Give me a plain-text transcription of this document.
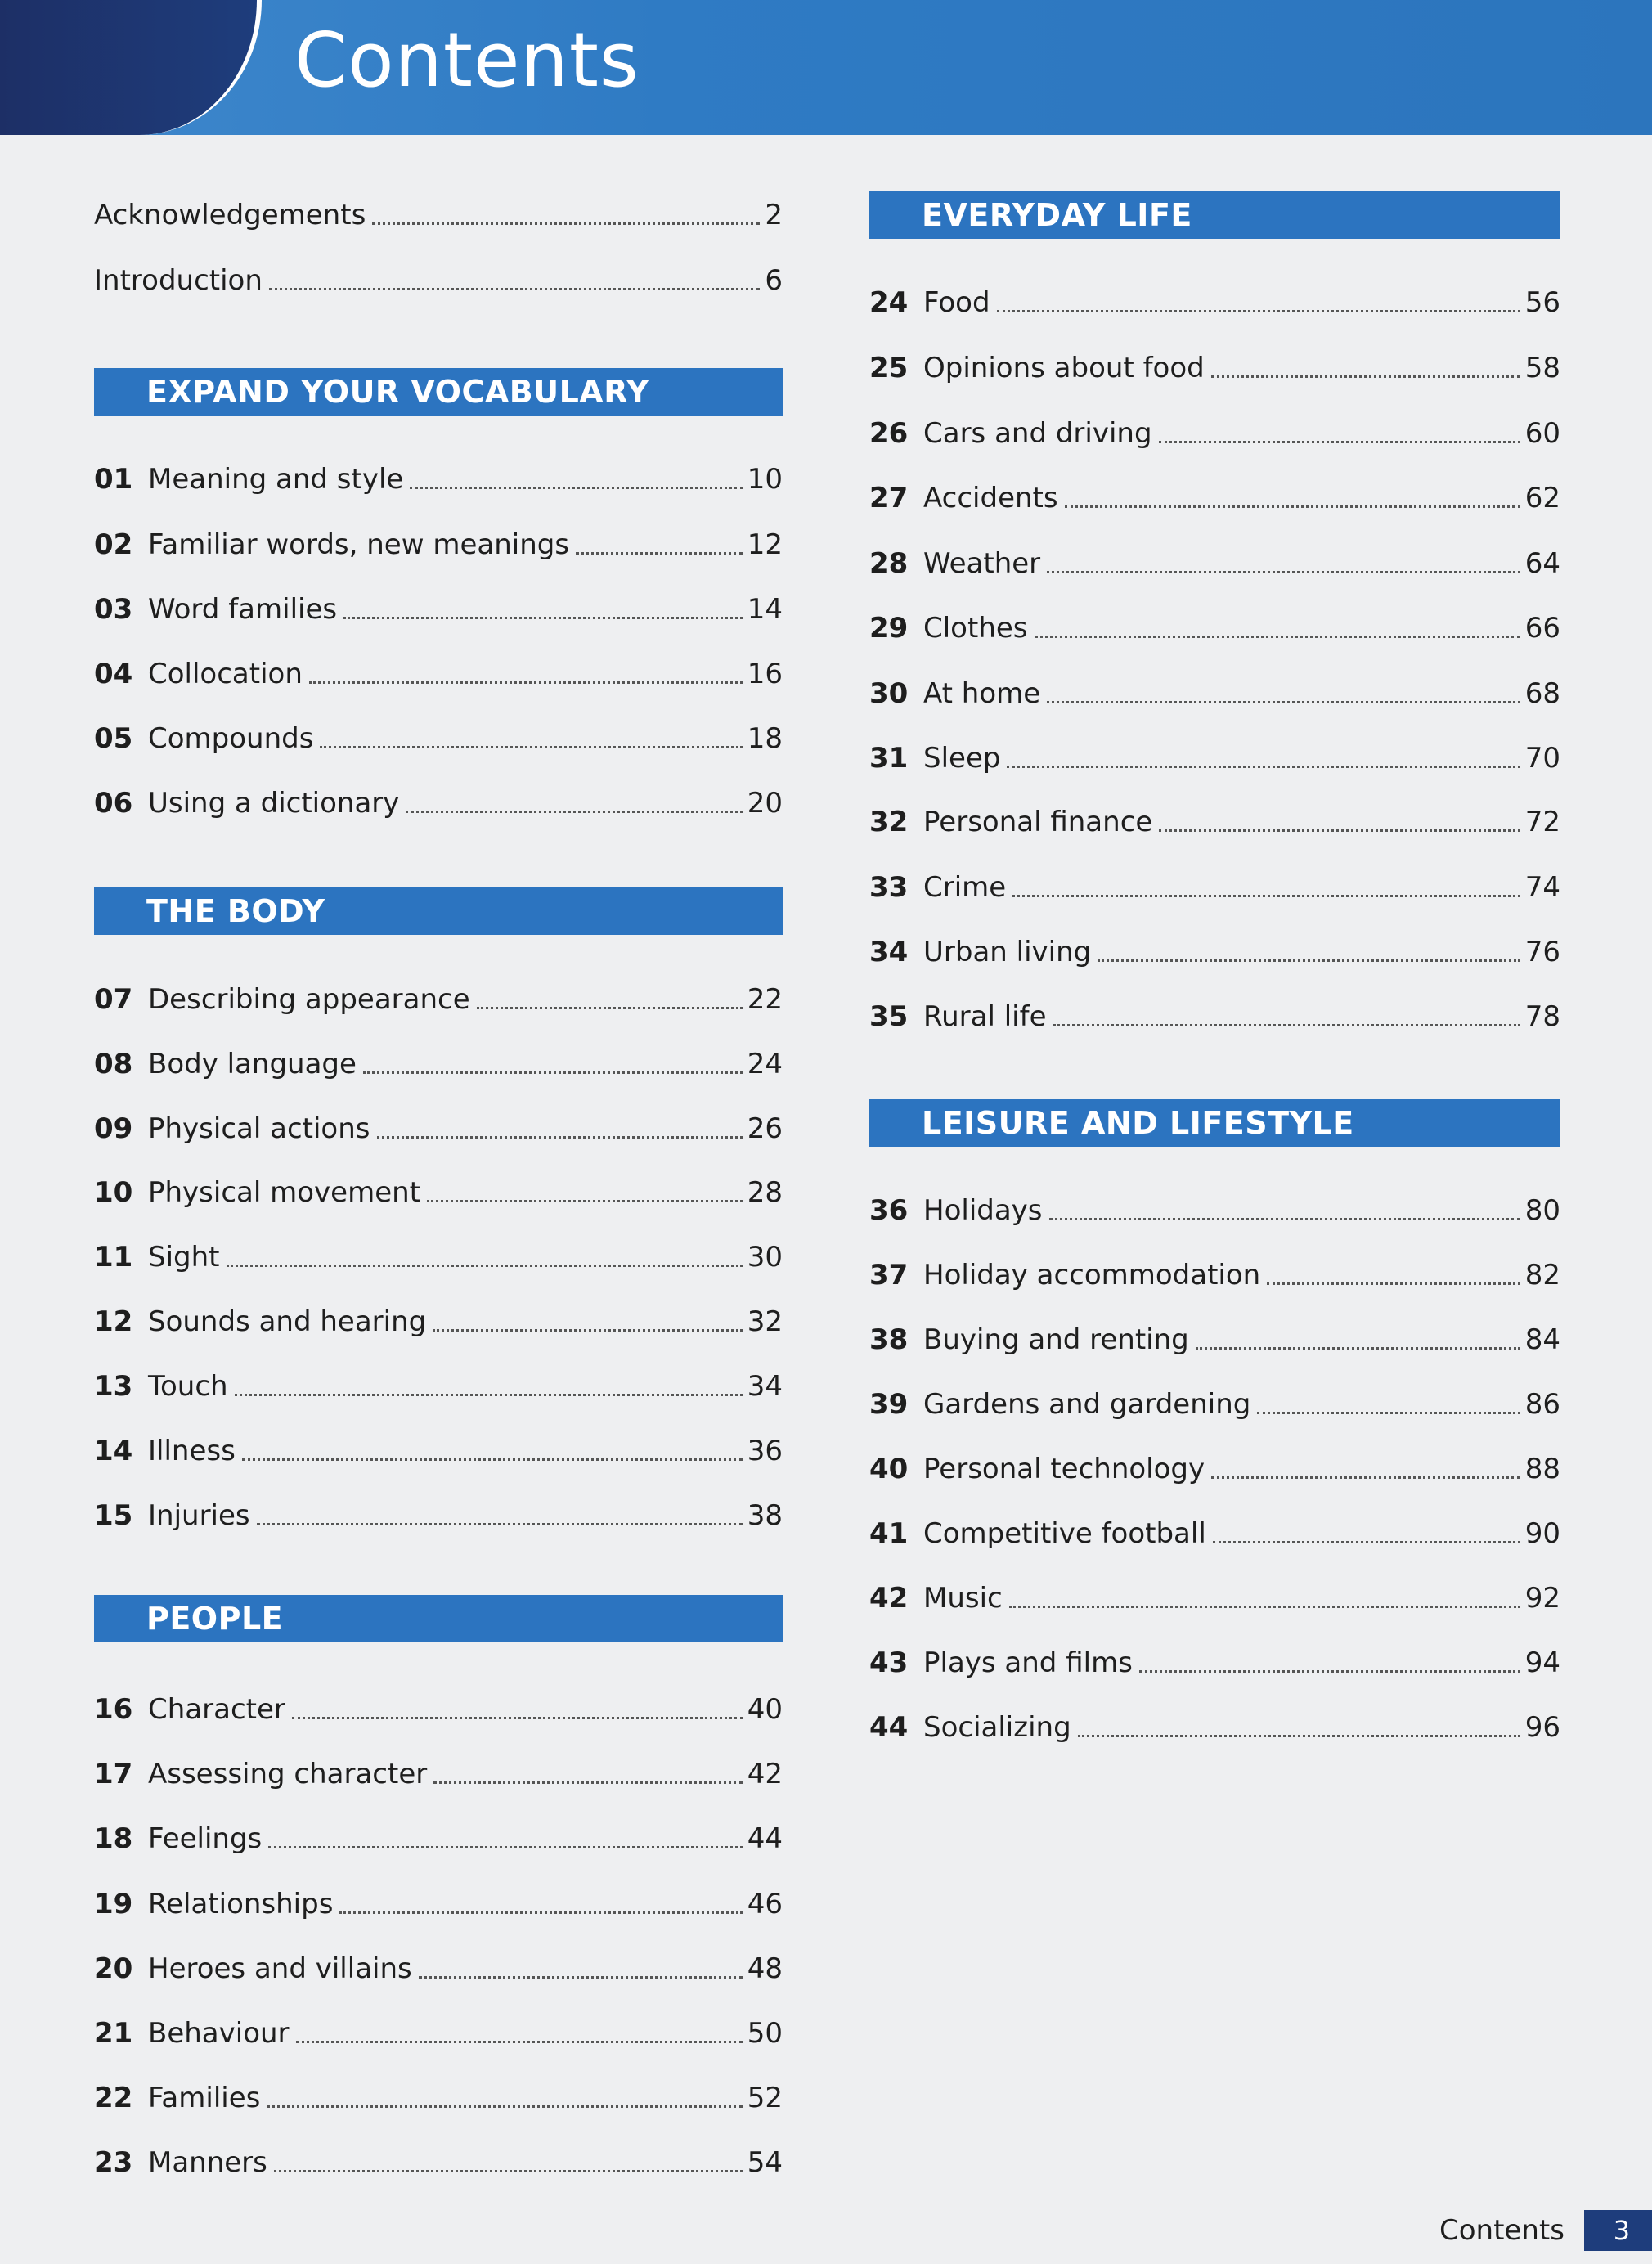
Contents
Acknowledgements	2
Introduction	6
EXPAND YOUR VOCABULARY
01 Meaning and style	10
02 Familiar words, new meanings	12
03 Word families	14
04 Collocation	16
05 Compounds	18
06 Using a dictionary	20
THE BODY
07 Describing appearance	22
08 Body language	24
09 Physical actions	26
10 Physical movement	28
11 Sight	30
12 Sounds and hearing	32
13 Touch	34
14 Illness	36
15 Injuries	38
PEOPLE
16 Character	40
17 Assessing character	42
18 Feelings	44
19 Relationships	46
20 Heroes and villains	48
21 Behaviour	50
22 Families	52
23 Manners	54
EVERYDAY LIFE
24 Food	56
25 Opinions about food	58
26 Cars and driving	60
27 Accidents	62
28 Weather	64
29 Clothes	66
30 At home	68
31 Sleep	70
32 Personal finance	72
33 Crime	74
34 Urban living	76
35 Rural life	78
LEISURE AND LIFESTYLE
36 Holidays	80
37 Holiday accommodation	82
38 Buying and renting	84
39 Gardens and gardening	86
40 Personal technology	88
41 Competitive football	90
42 Music	92
43 Plays and films	94
44 Socializing	96
Contents	3
